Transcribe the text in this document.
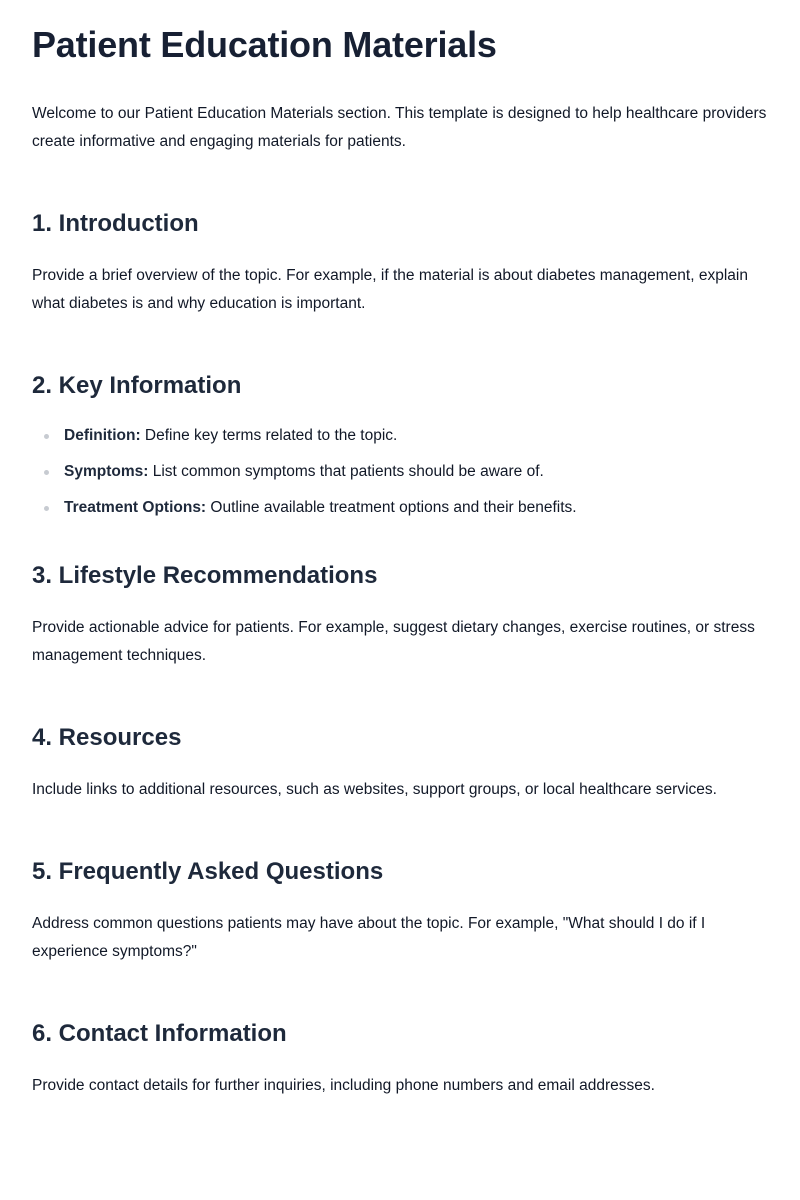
Patient Education Materials

Welcome to our Patient Education Materials section. This template is designed to help healthcare providers create informative and engaging materials for patients.

1. Introduction

Provide a brief overview of the topic. For example, if the material is about diabetes management, explain what diabetes is and why education is important.

2. Key Information
Definition: Define key terms related to the topic.
Symptoms: List common symptoms that patients should be aware of.
Treatment Options: Outline available treatment options and their benefits.
3. Lifestyle Recommendations

Provide actionable advice for patients. For example, suggest dietary changes, exercise routines, or stress management techniques.

4. Resources

Include links to additional resources, such as websites, support groups, or local healthcare services.

5. Frequently Asked Questions

Address common questions patients may have about the topic. For example, "What should I do if I experience symptoms?"

6. Contact Information

Provide contact details for further inquiries, including phone numbers and email addresses.
